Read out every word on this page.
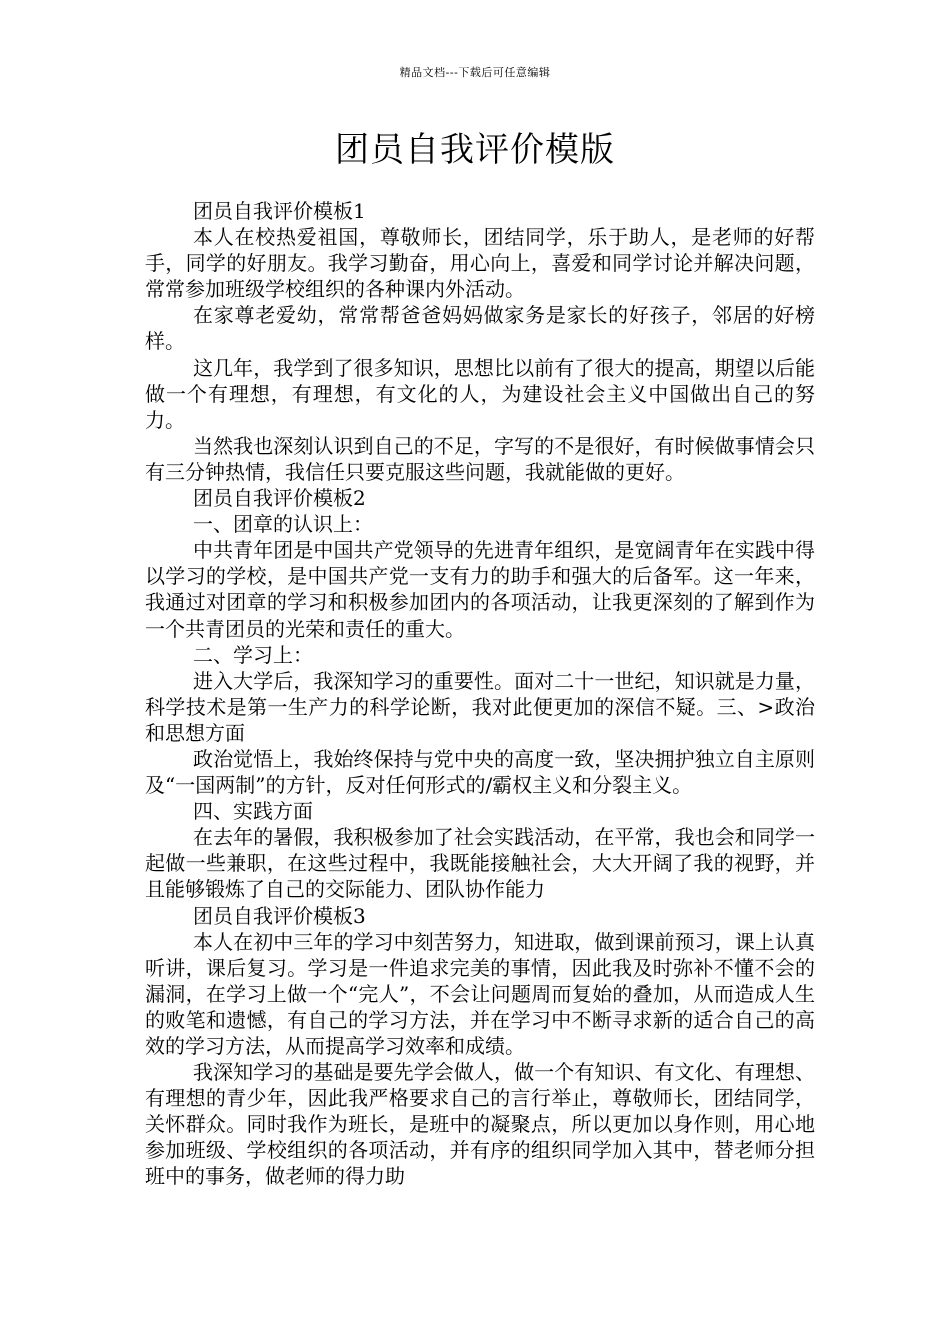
精品文档---下载后可任意编辑
团员自我评价模版

团员自我评价模板1

本人在校热爱祖国，尊敬师长，团结同学，乐于助人，是老师的好帮手，同学的好朋友。我学习勤奋，用心向上，喜爱和同学讨论并解决问题，常常参加班级学校组织的各种课内外活动。

在家尊老爱幼，常常帮爸爸妈妈做家务是家长的好孩子，邻居的好榜样。

这几年，我学到了很多知识，思想比以前有了很大的提高，期望以后能做一个有理想，有理想，有文化的人，为建设社会主义中国做出自己的努力。

当然我也深刻认识到自己的不足，字写的不是很好，有时候做事情会只有三分钟热情，我信任只要克服这些问题，我就能做的更好。

团员自我评价模板2

一、团章的认识上：

中共青年团是中国共产党领导的先进青年组织，是宽阔青年在实践中得以学习的学校，是中国共产党一支有力的助手和强大的后备军。这一年来，我通过对团章的学习和积极参加团内的各项活动，让我更深刻的了解到作为一个共青团员的光荣和责任的重大。

二、学习上：

进入大学后，我深知学习的重要性。面对二十一世纪，知识就是力量，科学技术是第一生产力的科学论断，我对此便更加的深信不疑。三、>政治和思想方面

政治觉悟上，我始终保持与党中央的高度一致，坚决拥护独立自主原则及“一国两制”的方针，反对任何形式的/霸权主义和分裂主义。

四、实践方面

在去年的暑假，我积极参加了社会实践活动，在平常，我也会和同学一起做一些兼职，在这些过程中，我既能接触社会，大大开阔了我的视野，并且能够锻炼了自己的交际能力、团队协作能力

团员自我评价模板3

本人在初中三年的学习中刻苦努力，知进取，做到课前预习，课上认真听讲，课后复习。学习是一件追求完美的事情，因此我及时弥补不懂不会的漏洞，在学习上做一个“完人”，不会让问题周而复始的叠加，从而造成人生的败笔和遗憾，有自己的学习方法，并在学习中不断寻求新的适合自己的高效的学习方法，从而提高学习效率和成绩。

我深知学习的基础是要先学会做人，做一个有知识、有文化、有理想、有理想的青少年，因此我严格要求自己的言行举止，尊敬师长，团结同学，关怀群众。同时我作为班长，是班中的凝聚点，所以更加以身作则，用心地参加班级、学校组织的各项活动，并有序的组织同学加入其中，替老师分担班中的事务，做老师的得力助
